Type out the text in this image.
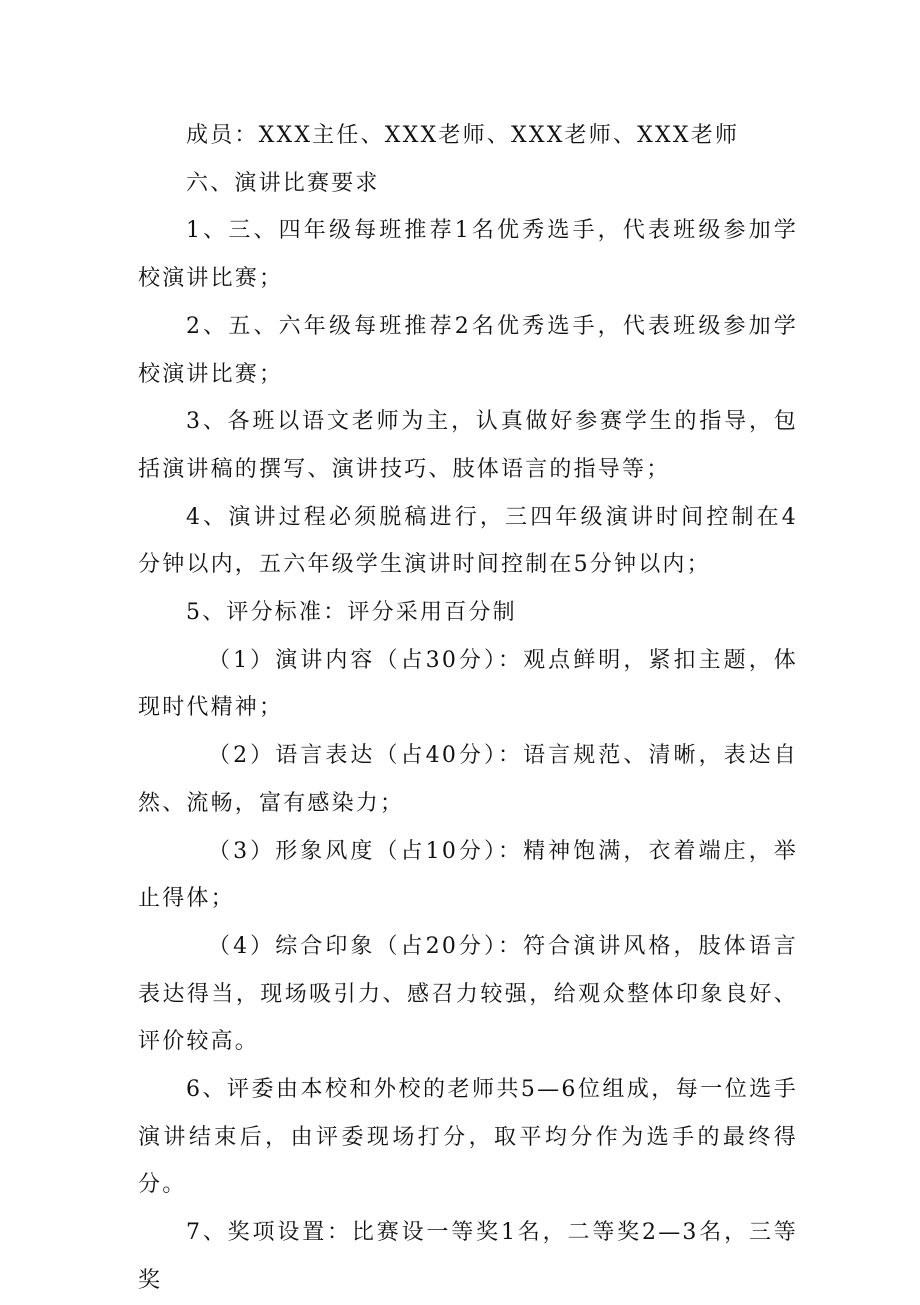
成员：XXX主任、XXX老师、XXX老师、XXX老师

六、演讲比赛要求

1、三、四年级每班推荐1名优秀选手，代表班级参加学校演讲比赛；

2、五、六年级每班推荐2名优秀选手，代表班级参加学校演讲比赛；

3、各班以语文老师为主，认真做好参赛学生的指导，包括演讲稿的撰写、演讲技巧、肢体语言的指导等；

4、演讲过程必须脱稿进行，三四年级演讲时间控制在4分钟以内，五六年级学生演讲时间控制在5分钟以内；

5、评分标准：评分采用百分制

（1）演讲内容（占30分）：观点鲜明，紧扣主题，体现时代精神；

（2）语言表达（占40分）：语言规范、清晰，表达自然、流畅，富有感染力；

（3）形象风度（占10分）：精神饱满，衣着端庄，举止得体；

（4）综合印象（占20分）：符合演讲风格，肢体语言表达得当，现场吸引力、感召力较强，给观众整体印象良好、评价较高。

6、评委由本校和外校的老师共5—6位组成，每一位选手演讲结束后，由评委现场打分，取平均分作为选手的最终得分。

7、奖项设置：比赛设一等奖1名，二等奖2—3名，三等奖
